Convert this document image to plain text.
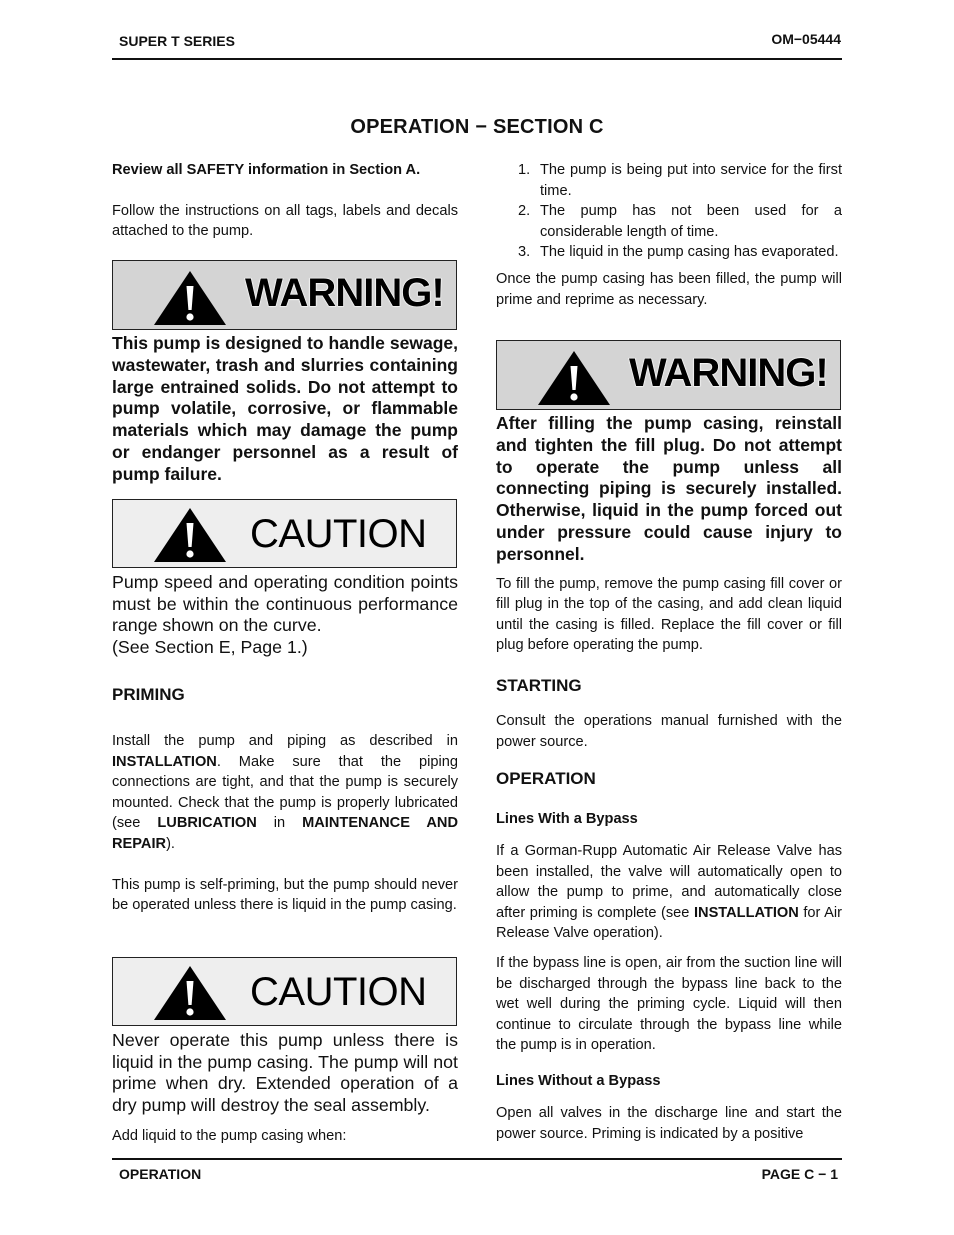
SUPER T SERIES	OM−05444
OPERATION − SECTION C

Review all SAFETY information in Section A.

Follow the instructions on all tags, labels and decals attached to the pump.

WARNING!

This pump is designed to handle sewage, wastewater, trash and slurries containing large entrained solids. Do not attempt to pump volatile, corrosive, or flammable materials which may damage the pump or endanger personnel as a result of pump failure.

CAUTION

Pump speed and operating condition points must be within the continuous performance range shown on the curve.

(See Section E, Page 1.)

PRIMING

Install the pump and piping as described in INSTALLATION. Make sure that the piping connections are tight, and that the pump is securely mounted. Check that the pump is properly lubricated (see LUBRICATION in MAINTENANCE AND REPAIR).

This pump is self-priming, but the pump should never be operated unless there is liquid in the pump casing.

CAUTION

Never operate this pump unless there is liquid in the pump casing. The pump will not prime when dry. Extended operation of a dry pump will destroy the seal assembly.

Add liquid to the pump casing when:

1. The pump is being put into service for the first time.
2. The pump has not been used for a considerable length of time.
3. The liquid in the pump casing has evaporated.

Once the pump casing has been filled, the pump will prime and reprime as necessary.

WARNING!

After filling the pump casing, reinstall and tighten the fill plug. Do not attempt to operate the pump unless all connecting piping is securely installed. Otherwise, liquid in the pump forced out under pressure could cause injury to personnel.

To fill the pump, remove the pump casing fill cover or fill plug in the top of the casing, and add clean liquid until the casing is filled. Replace the fill cover or fill plug before operating the pump.

STARTING

Consult the operations manual furnished with the power source.

OPERATION

Lines With a Bypass

If a Gorman-Rupp Automatic Air Release Valve has been installed, the valve will automatically open to allow the pump to prime, and automatically close after priming is complete (see INSTALLATION for Air Release Valve operation).

If the bypass line is open, air from the suction line will be discharged through the bypass line back to the wet well during the priming cycle. Liquid will then continue to circulate through the bypass line while the pump is in operation.

Lines Without a Bypass

Open all valves in the discharge line and start the power source. Priming is indicated by a positive

OPERATION	PAGE C − 1
